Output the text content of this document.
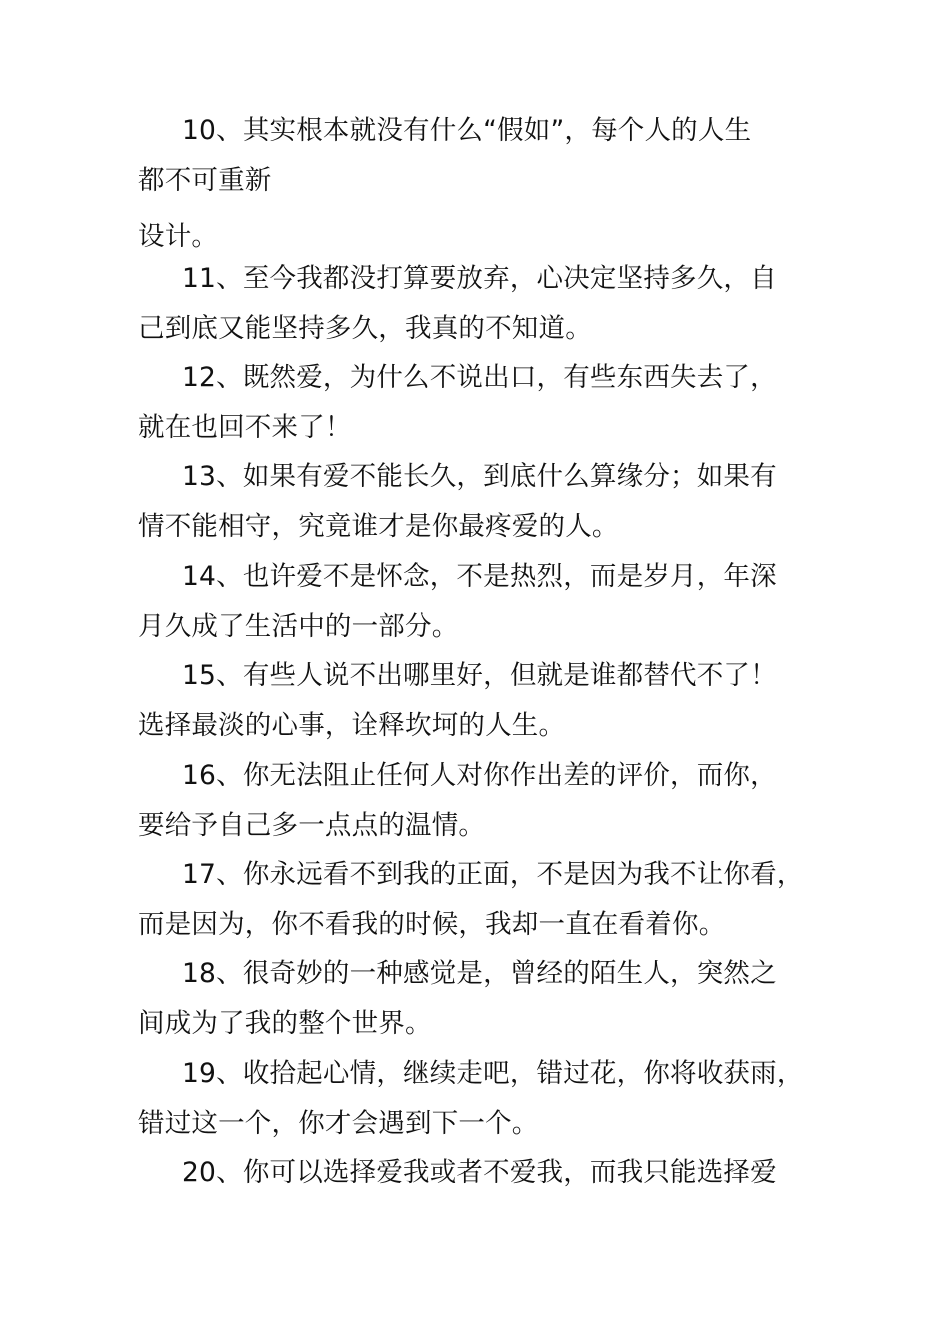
10、其实根本就没有什么“假如”，每个人的人生
都不可重新
设计。
11、至今我都没打算要放弃，心决定坚持多久，自
己到底又能坚持多久，我真的不知道。
12、既然爱，为什么不说出口，有些东西失去了，
就在也回不来了！
13、如果有爱不能长久，到底什么算缘分；如果有
情不能相守，究竟谁才是你最疼爱的人。
14、也许爱不是怀念，不是热烈，而是岁月，年深
月久成了生活中的一部分。
15、有些人说不出哪里好，但就是谁都替代不了！
选择最淡的心事，诠释坎坷的人生。
16、你无法阻止任何人对你作出差的评价，而你，
要给予自己多一点点的温情。
17、你永远看不到我的正面，不是因为我不让你看，
而是因为，你不看我的时候，我却一直在看着你。
18、很奇妙的一种感觉是，曾经的陌生人，突然之
间成为了我的整个世界。
19、收拾起心情，继续走吧，错过花，你将收获雨，
错过这一个，你才会遇到下一个。
20、你可以选择爱我或者不爱我，而我只能选择爱
